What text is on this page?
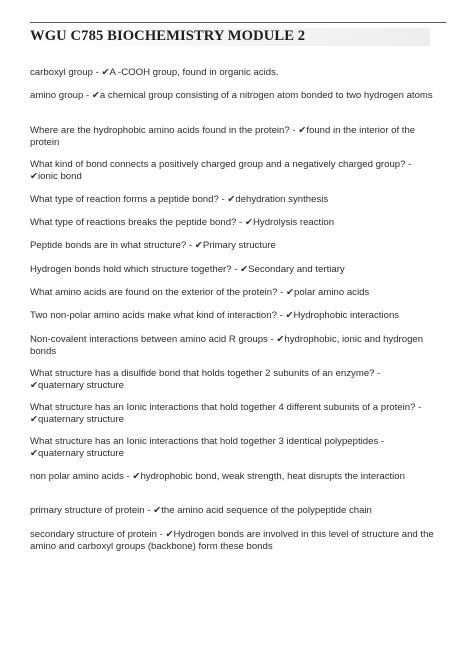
WGU C785 BIOCHEMISTRY MODULE 2

carboxyl group - ✔A -COOH group, found in organic acids.

amino group - ✔a chemical group consisting of a nitrogen atom bonded to two hydrogen atoms

Where are the hydrophobic amino acids found in the protein? - ✔found in the interior of the protein

What kind of bond connects a positively charged group and a negatively charged group? - ✔ionic bond

What type of reaction forms a peptide bond? - ✔dehydration synthesis

What type of reactions breaks the peptide bond? - ✔Hydrolysis reaction

Peptide bonds are in what structure? - ✔Primary structure

Hydrogen bonds hold which structure together? - ✔Secondary and tertiary

What amino acids are found on the exterior of the protein? - ✔polar amino acids

Two non-polar amino acids make what kind of interaction? - ✔Hydrophobic interactions

Non-covalent interactions between amino acid R groups - ✔hydrophobic, ionic and hydrogen bonds

What structure has a disulfide bond that holds together 2 subunits of an enzyme? - ✔quaternary structure

What structure has an Ionic interactions that hold together 4 different subunits of a protein? - ✔quaternary structure

What structure has an Ionic interactions that hold together 3 identical polypeptides - ✔quaternary structure

non polar amino acids - ✔hydrophobic bond, weak strength, heat disrupts the interaction

primary structure of protein - ✔the amino acid sequence of the polypeptide chain

secondary structure of protein - ✔Hydrogen bonds are involved in this level of structure and the amino and carboxyl groups (backbone) form these bonds
